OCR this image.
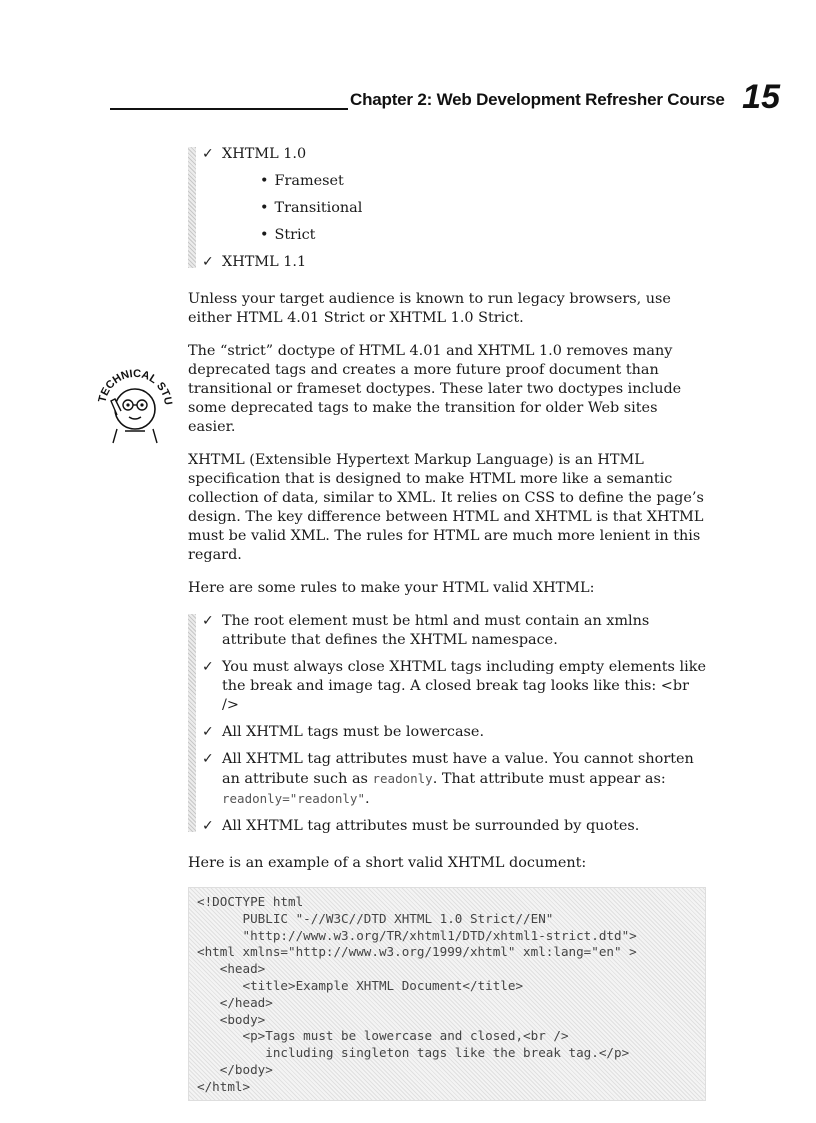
Chapter 2: Web Development Refresher Course 15
TECHNICAL STU
✓ XHTML 1.0
• Frameset
• Transitional
• Strict
✓ XHTML 1.1

Unless your target audience is known to run legacy browsers, use either HTML 4.01 Strict or XHTML 1.0 Strict.

The “strict” doctype of HTML 4.01 and XHTML 1.0 removes many deprecated tags and creates a more future proof document than transitional or frameset doctypes. These later two doctypes include some deprecated tags to make the transition for older Web sites easier.

XHTML (Extensible Hypertext Markup Language) is an HTML specification that is designed to make HTML more like a semantic collection of data, similar to XML. It relies on CSS to define the page’s design. The key difference between HTML and XHTML is that XHTML must be valid XML. The rules for HTML are much more lenient in this regard.

Here are some rules to make your HTML valid XHTML:

✓ The root element must be html and must contain an xmlns attribute that defines the XHTML namespace.
✓ You must always close XHTML tags including empty elements like the break and image tag. A closed break tag looks like this: <br />
✓ All XHTML tags must be lowercase.
✓ All XHTML tag attributes must have a value. You cannot shorten an attribute such as readonly. That attribute must appear as: readonly="readonly".
✓ All XHTML tag attributes must be surrounded by quotes.

Here is an example of a short valid XHTML document:

<!DOCTYPE html
PUBLIC "-//W3C//DTD XHTML 1.0 Strict//EN"
"http://www.w3.org/TR/xhtml1/DTD/xhtml1-strict.dtd">
<html xmlns="http://www.w3.org/1999/xhtml" xml:lang="en" >
<head>
<title>Example XHTML Document</title>
</head>
<body>
<p>Tags must be lowercase and closed,<br />
including singleton tags like the break tag.</p>
</body>
</html>
